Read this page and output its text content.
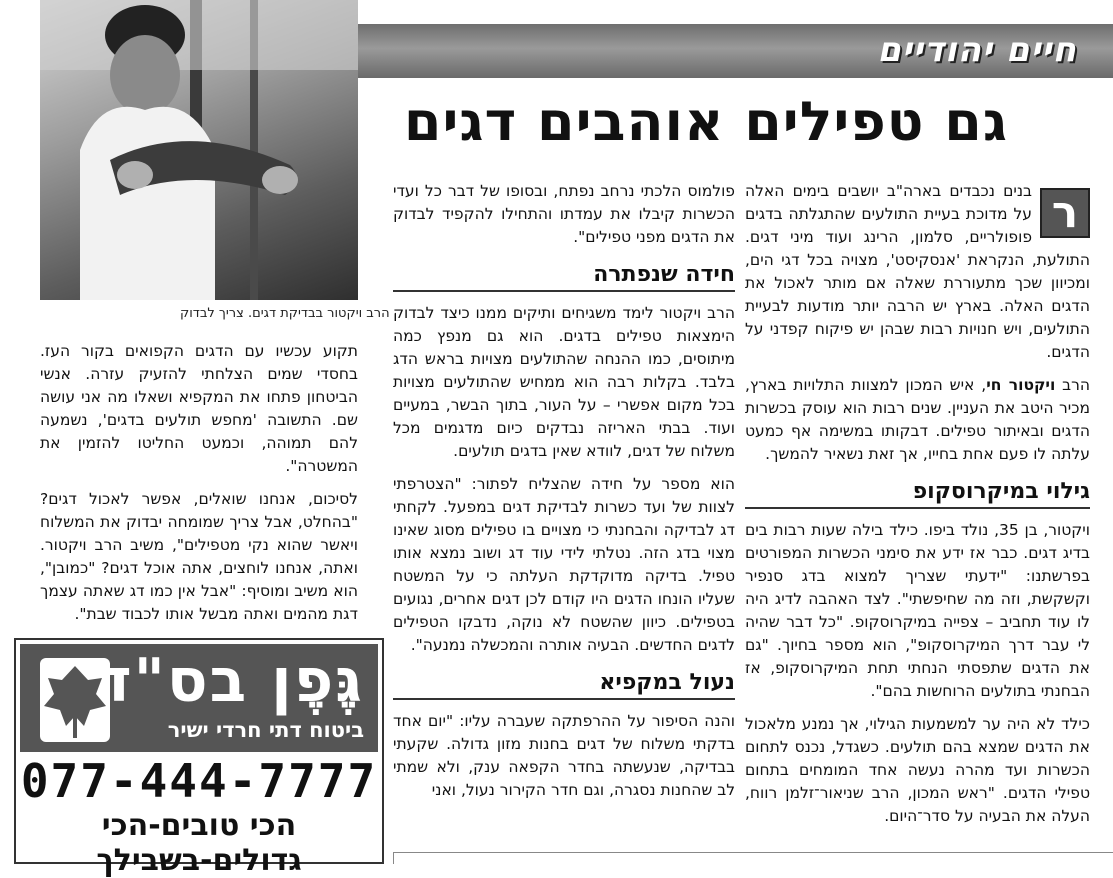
חיים יהודיים
גם טפילים אוהבים דגים
הרב ויקטור בבדיקת דגים. צריך לבדוק

ר
בנים נכבדים בארה"ב יושבים בימים האלה על מדוכת בעיית התולעים שהתגלתה בדגים פופולריים, סלמון, הרינג ועוד מיני דגים. התולעת, הנקראת 'אנסקיסט', מצויה בכל דגי הים, ומכיוון שכך מתעוררת שאלה אם מותר לאכול את הדגים האלה. בארץ יש הרבה יותר מודעות לבעיית התולעים, ויש חנויות רבות שבהן יש פיקוח קפדני על הדגים.

הרב ויקטור חי, איש המכון למצוות התלויות בארץ, מכיר היטב את העניין. שנים רבות הוא עוסק בכשרות הדגים ובאיתור טפילים. דבקותו במשימה אף כמעט עלתה לו פעם אחת בחייו, אך זאת נשאיר להמשך.

גילוי במיקרוסקופ

ויקטור, בן 35, נולד ביפו. כילד בילה שעות רבות בים בדיג דגים. כבר אז ידע את סימני הכשרות המפורטים בפרשתנו: "ידעתי שצריך למצוא בדג סנפיר וקשקשת, וזה מה שחיפשתי". לצד האהבה לדיג היה לו עוד תחביב – צפייה במיקרוסקופ. "כל דבר שהיה לי עבר דרך המיקרוסקופ", הוא מספר בחיוך. "גם את הדגים שתפסתי הנחתי תחת המיקרוסקופ, אז הבחנתי בתולעים הרוחשות בהם".

כילד לא היה ער למשמעות הגילוי, אך נמנע מלאכול את הדגים שמצא בהם תולעים. כשגדל, נכנס לתחום הכשרות ועד מהרה נעשה אחד המומחים בתחום טפילי הדגים. "ראש המכון, הרב שניאור־זלמן רווח, העלה את הבעיה על סדר־היום.

פולמוס הלכתי נרחב נפתח, ובסופו של דבר כל ועדי הכשרות קיבלו את עמדתו והתחילו להקפיד לבדוק את הדגים מפני טפילים".

חידה שנפתרה

הרב ויקטור לימד משגיחים ותיקים ממנו כיצד לבדוק הימצאות טפילים בדגים. הוא גם מנפץ כמה מיתוסים, כמו ההנחה שהתולעים מצויות בראש הדג בלבד. בקלות רבה הוא ממחיש שהתולעים מצויות בכל מקום אפשרי – על העור, בתוך הבשר, במעיים ועוד. בבתי האריזה נבדקים כיום מדגמים מכל משלוח של דגים, לוודא שאין בדגים תולעים.

הוא מספר על חידה שהצליח לפתור: "הצטרפתי לצוות של ועד כשרות לבדיקת דגים במפעל. לקחתי דג לבדיקה והבחנתי כי מצויים בו טפילים מסוג שאינו מצוי בדג הזה. נטלתי לידי עוד דג ושוב נמצא אותו טפיל. בדיקה מדוקדקת העלתה כי על המשטח שעליו הונחו הדגים היו קודם לכן דגים אחרים, נגועים בטפילים. כיוון שהשטח לא נוקה, נדבקו הטפילים לדגים החדשים. הבעיה אותרה והמכשלה נמנעה".

נעול במקפיא

והנה הסיפור על ההרפתקה שעברה עליו: "יום אחד בדקתי משלוח של דגים בחנות מזון גדולה. שקעתי בבדיקה, שנעשתה בחדר הקפאה ענק, ולא שמתי לב שהחנות נסגרה, וגם חדר הקירור נעול, ואני

תקוע עכשיו עם הדגים הקפואים בקור העז. בחסדי שמים הצלחתי להזעיק עזרה. אנשי הביטחון פתחו את המקפיא ושאלו מה אני עושה שם. התשובה 'מחפש תולעים בדגים', נשמעה להם תמוהה, וכמעט החליטו להזמין את המשטרה".

לסיכום, אנחנו שואלים, אפשר לאכול דגים? "בהחלט, אבל צריך שמומחה יבדוק את המשלוח ויאשר שהוא נקי מטפילים", משיב הרב ויקטור. ואתה, אנחנו לוחצים, אתה אוכל דגים? "כמובן", הוא משיב ומוסיף: "אבל אין כמו דג שאתה עצמך דגת מהמים ואתה מבשל אותו לכבוד שבת".

גֶּפֶן בס"ד
ביטוח דתי חרדי ישיר
077-444-7777
הכי טובים-הכי גדולים-בשבילך
